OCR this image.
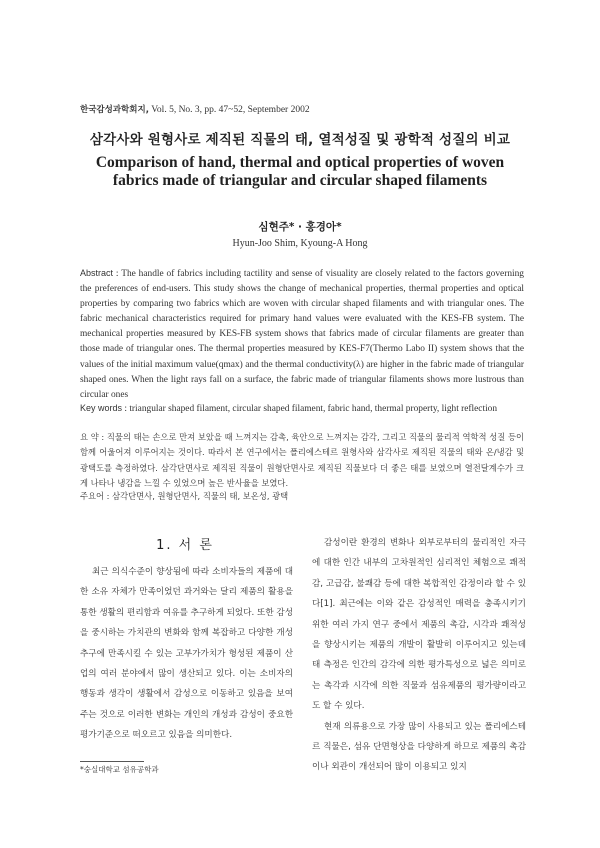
한국감성과학회지, Vol. 5, No. 3, pp. 47~52, September 2002
삼각사와 원형사로 제직된 직물의 태, 열적성질 및 광학적 성질의 비교
Comparison of hand, thermal and optical properties of woven fabrics made of triangular and circular shaped filaments
심현주* · 홍경아*
Hyun-Joo Shim, Kyoung-A Hong
Abstract : The handle of fabrics including tactility and sense of visuality are closely related to the factors governing the preferences of end-users. This study shows the change of mechanical properties, thermal properties and optical properties by comparing two fabrics which are woven with circular shaped filaments and with triangular ones. The fabric mechanical characteristics required for primary hand values were evaluated with the KES-FB system. The mechanical properties measured by KES-FB system shows that fabrics made of circular filaments are greater than those made of triangular ones. The thermal properties measured by KES-F7(Thermo Labo II) system shows that the values of the initial maximum value(qmax) and the thermal conductivity(λ) are higher in the fabric made of triangular shaped ones. When the light rays fall on a surface, the fabric made of triangular filaments shows more lustrous than circular ones
Key words : triangular shaped filament, circular shaped filament, fabric hand, thermal property, light reflection
요 약 : 직물의 태는 손으로 만져 보았을 때 느껴지는 감촉, 육안으로 느껴지는 감각, 그리고 직물의 물리적 역학적 성질 등이 함께 어울어져 이루어지는 것이다. 따라서 본 연구에서는 폴리에스테르 원형사와 삼각사로 제직된 직물의 태와 온/냉감 및 광택도를 측정하였다. 삼각단면사로 제직된 직물이 원형단면사로 제직된 직물보다 더 좋은 태를 보였으며 열전달계수가 크게 나타나 냉감을 느낄 수 있었으며 높은 반사율을 보였다.
주요어 : 삼각단면사, 원형단면사, 직물의 태, 보온성, 광택
1. 서 론

최근 의식수준이 향상됨에 따라 소비자들의 제품에 대한 소유 자체가 만족이었던 과거와는 달리 제품의 활용을 통한 생활의 편리함과 여유를 추구하게 되었다. 또한 감성을 중시하는 가치관의 변화와 함께 복잡하고 다양한 개성 추구에 만족시킬 수 있는 고부가가치가 형성된 제품이 산업의 여러 분야에서 많이 생산되고 있다. 이는 소비자의 행동과 생각이 생활에서 감성으로 이동하고 있음을 보여주는 것으로 이러한 변화는 개인의 개성과 감성이 중요한 평가기준으로 떠오르고 있음을 의미한다.

감성이란 환경의 변화나 외부로부터의 물리적인 자극에 대한 인간 내부의 고차원적인 심리적인 체험으로 쾌적감, 고급감, 불쾌감 등에 대한 복합적인 감정이라 할 수 있다[1]. 최근에는 이와 같은 감성적인 매력을 충족시키기 위한 여러 가지 연구 중에서 제품의 촉감, 시각과 쾌적성을 향상시키는 제품의 개발이 활발히 이루어지고 있는데 태 측정은 인간의 감각에 의한 평가특성으로 넓은 의미로는 촉각과 시각에 의한 직물과 섬유제품의 평가량이라고도 할 수 있다.

현재 의류용으로 가장 많이 사용되고 있는 폴리에스테르 직물은, 섬유 단면형상을 다양하게 하므로 제품의 촉감이나 외관이 개선되어 많이 이용되고 있지

*숭실대학교 섬유공학과
